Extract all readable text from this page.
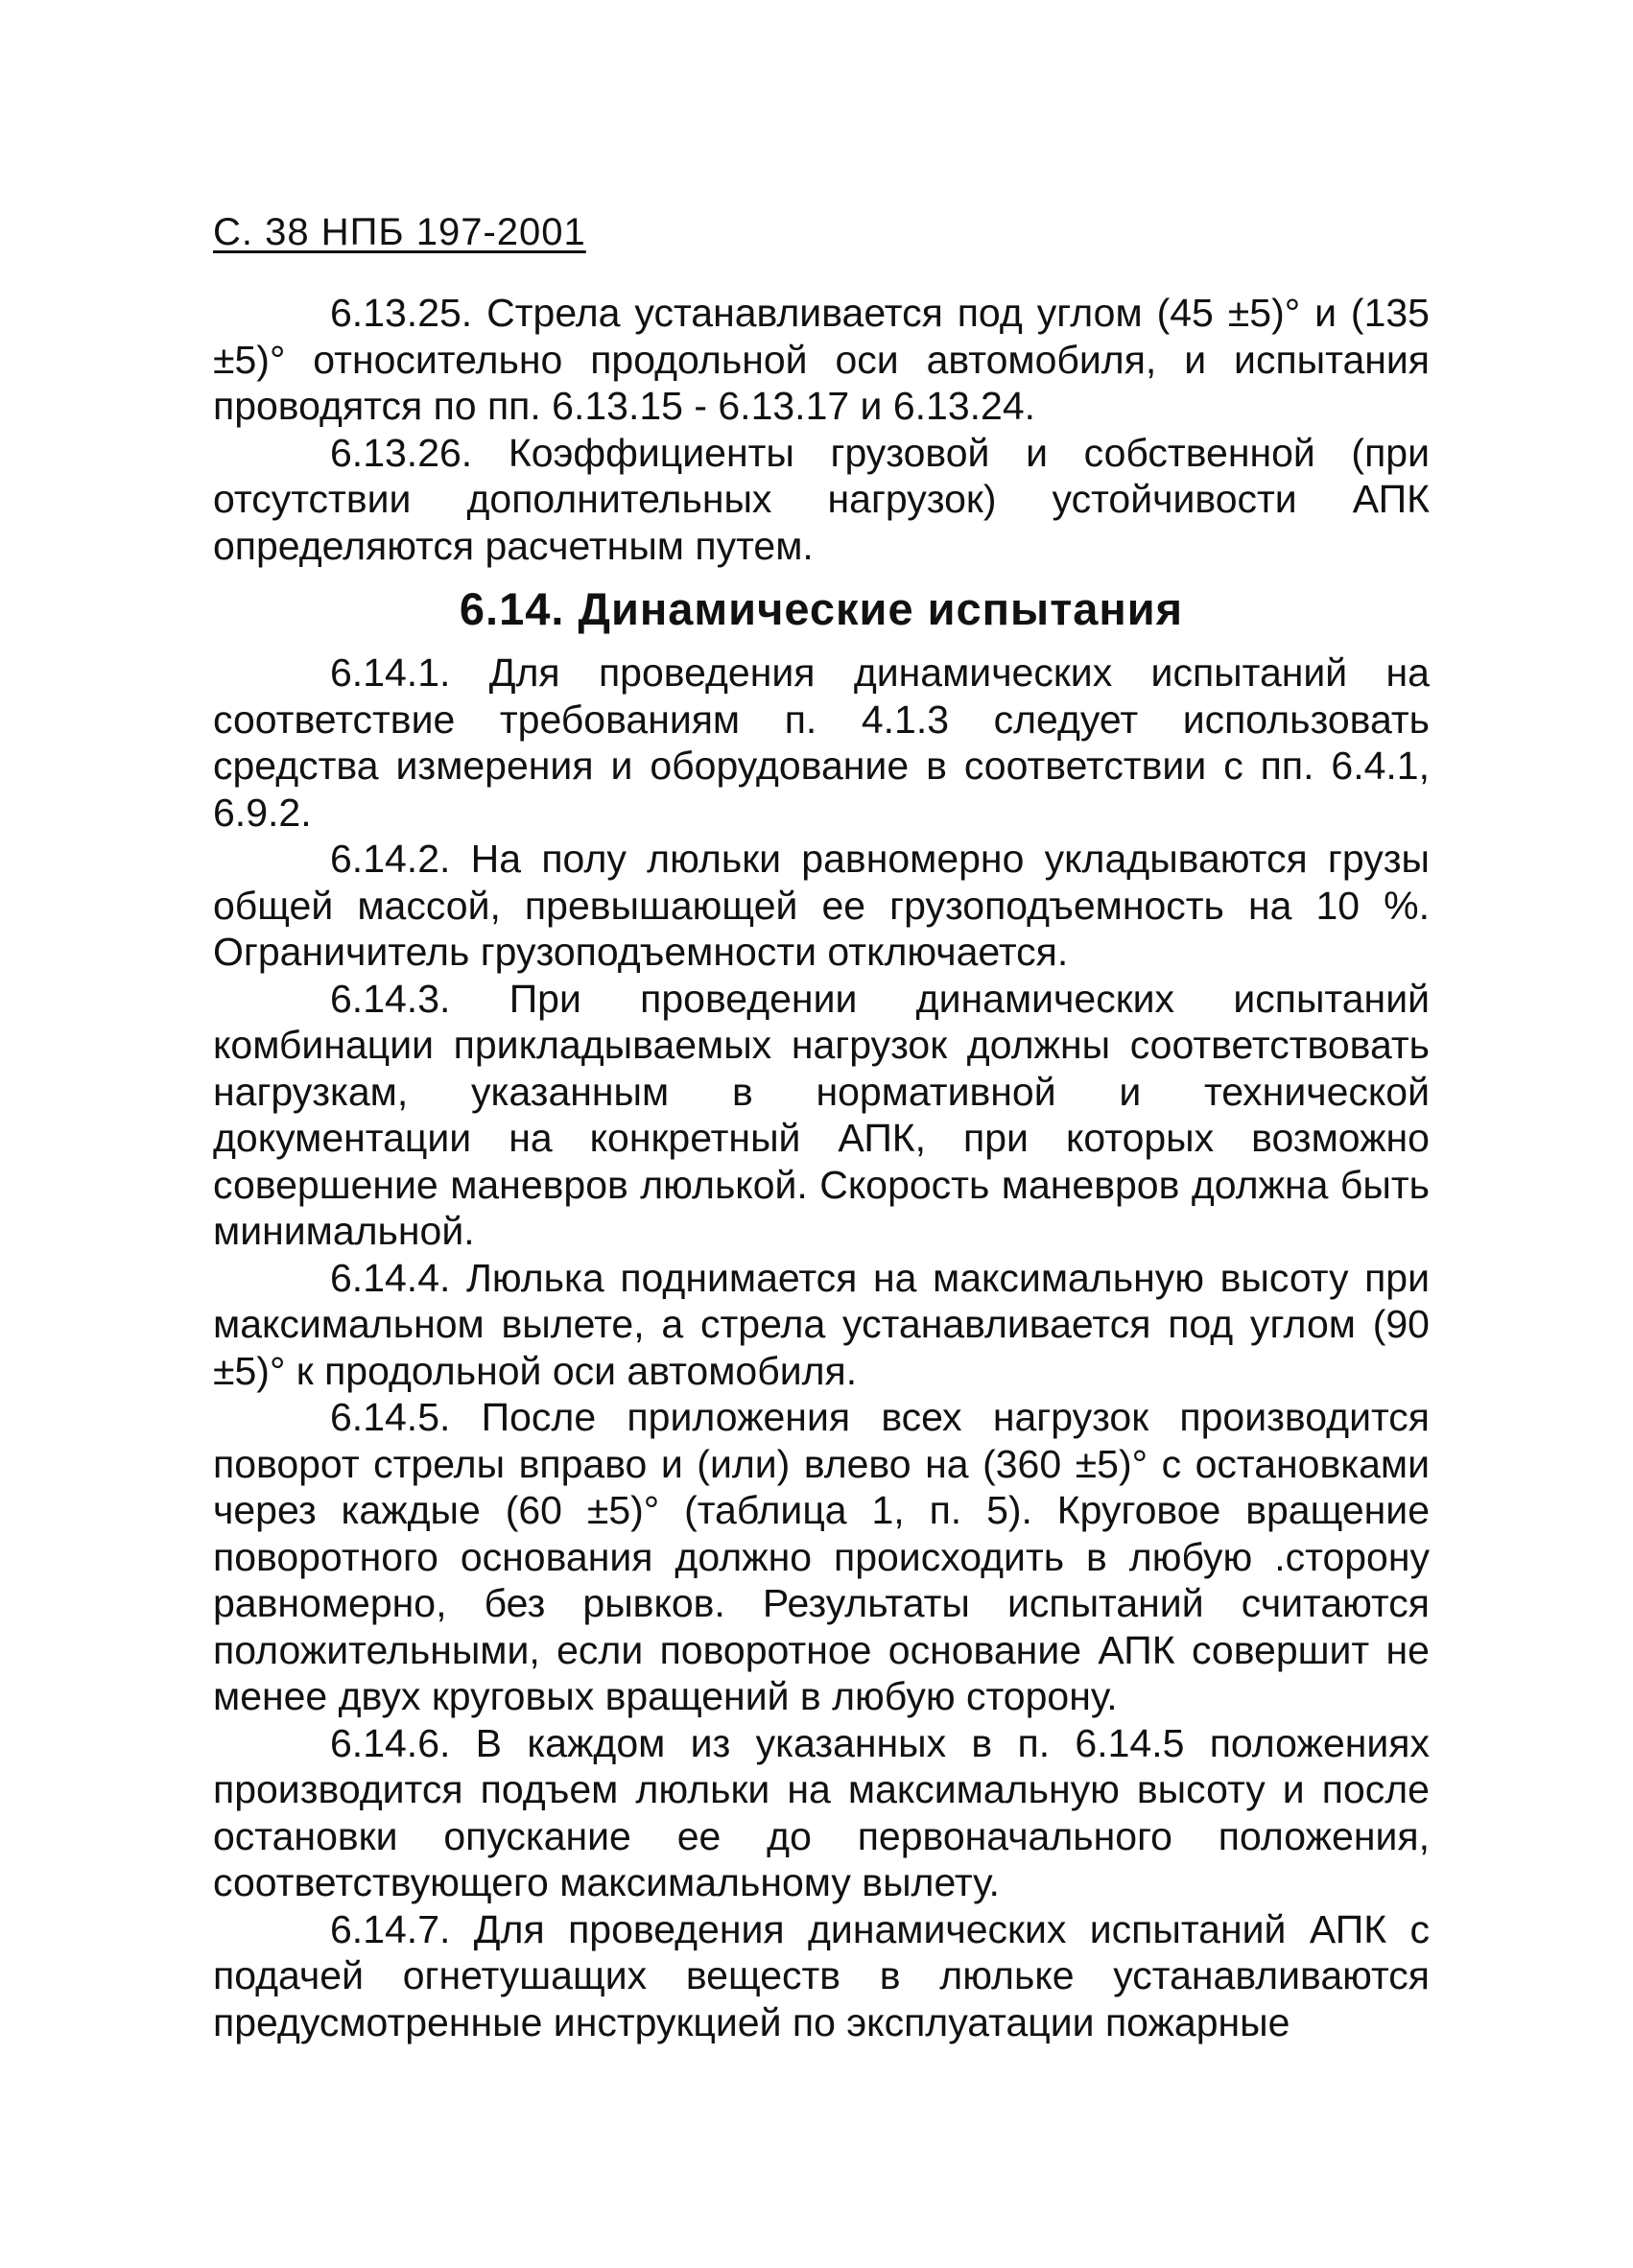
С. 38 НПБ 197-2001

6.13.25. Стрела устанавливается под углом (45 ±5)° и (135 ±5)° относительно продольной оси автомобиля, и испытания проводятся по пп. 6.13.15 - 6.13.17 и 6.13.24.

6.13.26. Коэффициенты грузовой и собственной (при отсутствии дополнительных нагрузок) устойчивости АПК определяются расчетным путем.

6.14. Динамические испытания

6.14.1. Для проведения динамических испытаний на соответствие требованиям п. 4.1.3 следует использовать средства измерения и оборудование в соответствии с пп. 6.4.1, 6.9.2.

6.14.2. На полу люльки равномерно укладываются грузы общей массой, превышающей ее грузоподъемность на 10 %. Ограничитель грузоподъемности отключается.

6.14.3. При проведении динамических испытаний комбинации прикладываемых нагрузок должны соответствовать нагрузкам, указанным в нормативной и технической документации на конкретный АПК, при которых возможно совершение маневров люлькой. Скорость маневров должна быть минимальной.

6.14.4. Люлька поднимается на максимальную высоту при максимальном вылете, а стрела устанавливается под углом (90 ±5)° к продольной оси автомобиля.

6.14.5. После приложения всех нагрузок производится поворот стрелы вправо и (или) влево на (360 ±5)° с остановками через каждые (60 ±5)° (таблица 1, п. 5). Круговое вращение поворотного основания должно происходить в любую .сторону равномерно, без рывков. Результаты испытаний считаются положительными, если поворотное основание АПК совершит не менее двух круговых вращений в любую сторону.

6.14.6. В каждом из указанных в п. 6.14.5 положениях производится подъем люльки на максимальную высоту и после остановки опускание ее до первоначального положения, соответствующего максимальному вылету.

6.14.7. Для проведения динамических испытаний АПК с подачей огнетушащих веществ в люльке устанавливаются предусмотренные инструкцией по эксплуатации пожарные
